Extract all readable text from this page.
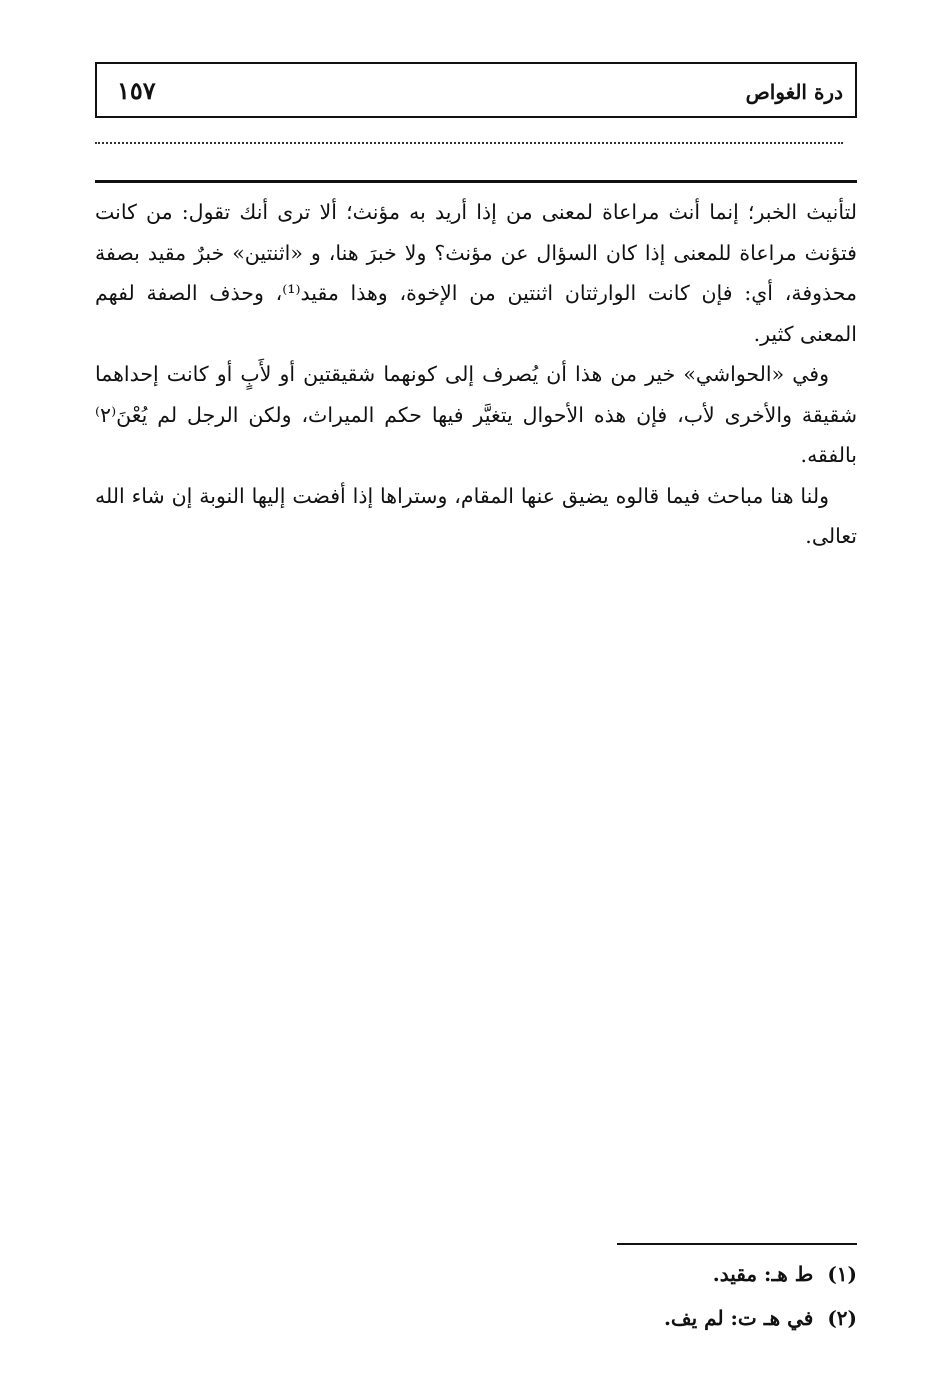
١٥٧	درة الغواص

لتأنيث الخبر؛ إنما أنث مراعاة لمعنى من إذا أريد به مؤنث؛ ألا ترى أنك تقول: من كانت فتؤنث مراعاة للمعنى إذا كان السؤال عن مؤنث؟ ولا خبرَ هنا، و «اثنتين» خبرٌ مقيد بصفة محذوفة، أي: فإن كانت الوارثتان اثنتين من الإخوة، وهذا مقيد⁽¹⁾، وحذف الصفة لفهم المعنى كثير.

وفي «الحواشي» خير من هذا أن يُصرف إلى كونهما شقيقتين أو لأَبٍ أو كانت إحداهما شقيقة والأخرى لأب، فإن هذه الأحوال يتغيَّر فيها حكم الميراث، ولكن الرجل لم يُعْنَ⁽٢⁾ بالفقه.

ولنا هنا مباحث فيما قالوه يضيق عنها المقام، وستراها إذا أفضت إليها النوبة إن شاء الله تعالى.

(١)ط هـ: مقيد.

(٢)في هـ ت: لم يف.
